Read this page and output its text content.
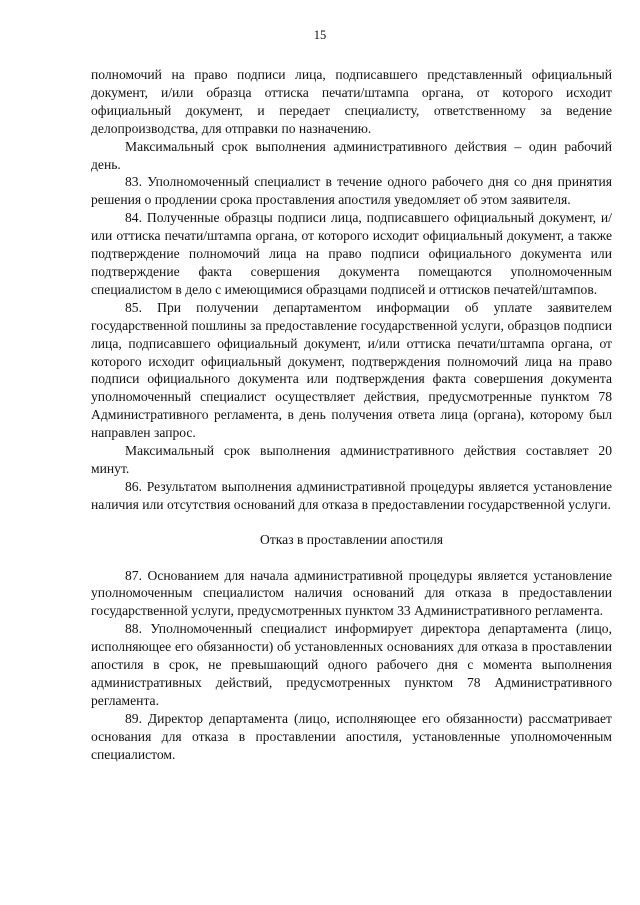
15

полномочий на право подписи лица, подписавшего представленный официальный документ, и/или образца оттиска печати/штампа органа, от которого исходит официальный документ, и передает специалисту, ответственному за ведение делопроизводства, для отправки по назначению.

Максимальный срок выполнения административного действия – один рабочий день.

83. Уполномоченный специалист в течение одного рабочего дня со дня принятия решения о продлении срока проставления апостиля уведомляет об этом заявителя.

84. Полученные образцы подписи лица, подписавшего официальный документ, и/или оттиска печати/штампа органа, от которого исходит официальный документ, а также подтверждение полномочий лица на право подписи официального документа или подтверждение факта совершения документа помещаются уполномоченным специалистом в дело с имеющимися образцами подписей и оттисков печатей/штампов.

85. При получении департаментом информации об уплате заявителем государственной пошлины за предоставление государственной услуги, образцов подписи лица, подписавшего официальный документ, и/или оттиска печати/штампа органа, от которого исходит официальный документ, подтверждения полномочий лица на право подписи официального документа или подтверждения факта совершения документа уполномоченный специалист осуществляет действия, предусмотренные пунктом 78 Административного регламента, в день получения ответа лица (органа), которому был направлен запрос.

Максимальный срок выполнения административного действия составляет 20 минут.

86. Результатом выполнения административной процедуры является установление наличия или отсутствия оснований для отказа в предоставлении государственной услуги.

Отказ в проставлении апостиля

87. Основанием для начала административной процедуры является установление уполномоченным специалистом наличия оснований для отказа в предоставлении государственной услуги, предусмотренных пунктом 33 Административного регламента.

88. Уполномоченный специалист информирует директора департамента (лицо, исполняющее его обязанности) об установленных основаниях для отказа в проставлении апостиля в срок, не превышающий одного рабочего дня с момента выполнения административных действий, предусмотренных пунктом 78 Административного регламента.

89. Директор департамента (лицо, исполняющее его обязанности) рассматривает основания для отказа в проставлении апостиля, установленные уполномоченным специалистом.
